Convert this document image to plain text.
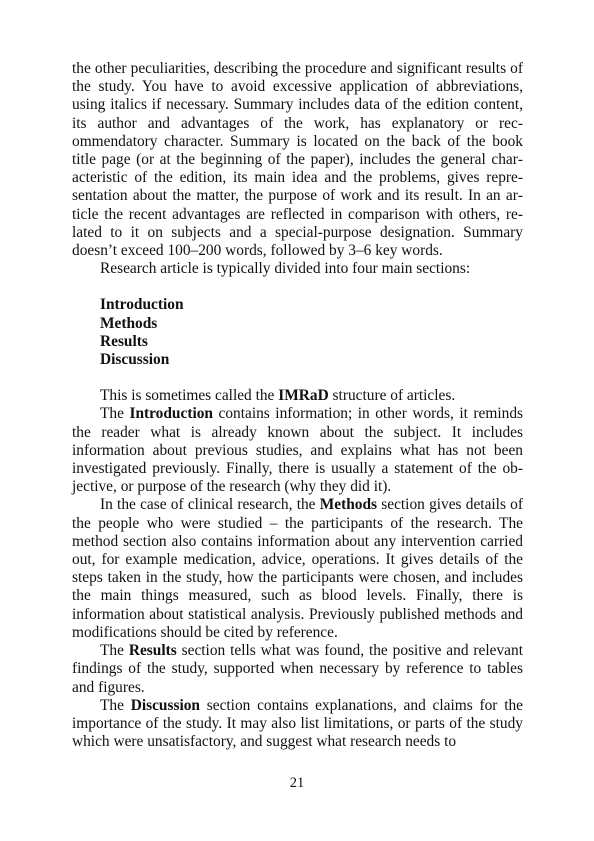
the other peculiarities, describing the procedure and significant results of the study. You have to avoid excessive application of abbreviations, using italics if necessary. Summary includes data of the edition content, its author and advantages of the work, has explanatory or recommendatory character. Summary is located on the back of the book title page (or at the beginning of the paper), includes the general characteristic of the edition, its main idea and the problems, gives representation about the matter, the purpose of work and its result. In an article the recent advantages are reflected in comparison with others, related to it on subjects and a special-purpose designation. Summary doesn’t exceed 100–200 words, followed by 3–6 key words.

Research article is typically divided into four main sections:

Introduction
Methods
Results
Discussion

This is sometimes called the IMRaD structure of articles.

The Introduction contains information; in other words, it reminds the reader what is already known about the subject. It includes information about previous studies, and explains what has not been investigated previously. Finally, there is usually a statement of the objective, or purpose of the research (why they did it).

In the case of clinical research, the Methods section gives details of the people who were studied – the participants of the research. The method section also contains information about any intervention carried out, for example medication, advice, operations. It gives details of the steps taken in the study, how the participants were chosen, and includes the main things measured, such as blood levels. Finally, there is information about statistical analysis. Previously published methods and modifications should be cited by reference.

The Results section tells what was found, the positive and relevant findings of the study, supported when necessary by reference to tables and figures.

The Discussion section contains explanations, and claims for the importance of the study. It may also list limitations, or parts of the study which were unsatisfactory, and suggest what research needs to

21
